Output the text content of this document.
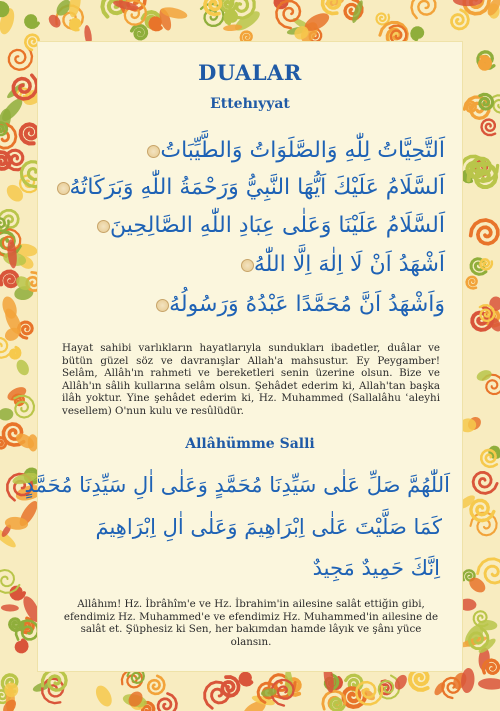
DUALAR
Ettehıyyat
اَلتَّحِيَّاتُ لِلّٰهِ وَالصَّلَوَاتُ وَالطَّيِّبَاتُ
اَلسَّلَامُ عَلَيْكَ اَيُّهَا النَّبِيُّ وَرَحْمَةُ اللّٰهِ وَبَرَكَاتُهُ
اَلسَّلَامُ عَلَيْنَا وَعَلٰى عِبَادِ اللّٰهِ الصَّالِحِينَ
اَشْهَدُ اَنْ لَا اِلٰهَ اِلَّا اللّٰهُ
وَاَشْهَدُ اَنَّ مُحَمَّدًا عَبْدُهُ وَرَسُولُهُ
Hayat sahibi varlıkların hayatlarıyla sundukları ibadetler, duâlar ve bütün güzel söz ve davranışlar Allah'a mahsustur. Ey Peygamber! Selâm, Allâh'ın rahmeti ve bereketleri senin üzerine olsun. Bize ve Allâh'ın sâlih kullarına selâm olsun. Şehâdet ederim ki, Allah'tan başka ilâh yoktur. Yine şehâdet ederim ki, Hz. Muhammed (Sallalâhu ʿaleyhi vesellem) O'nun kulu ve resûlüdür.
Allâhümme Salli
اَللّٰهُمَّ صَلِّ عَلٰى سَيِّدِنَا مُحَمَّدٍ وَعَلٰى اٰلِ سَيِّدِنَا مُحَمَّدٍ
كَمَا صَلَّيْتَ عَلٰى اِبْرَاهِيمَ وَعَلٰى اٰلِ اِبْرَاهِيمَ
اِنَّكَ حَمِيدٌ مَجِيدٌ
Allâhım! Hz. İbrâhîm'e ve Hz. İbrahim'in ailesine salât ettiğin gibi, efendimiz Hz. Muhammed'e ve efendimiz Hz. Muhammed'in ailesine de salât et. Şüphesiz ki Sen, her bakımdan hamde lâyık ve şânı yüce olansın.
